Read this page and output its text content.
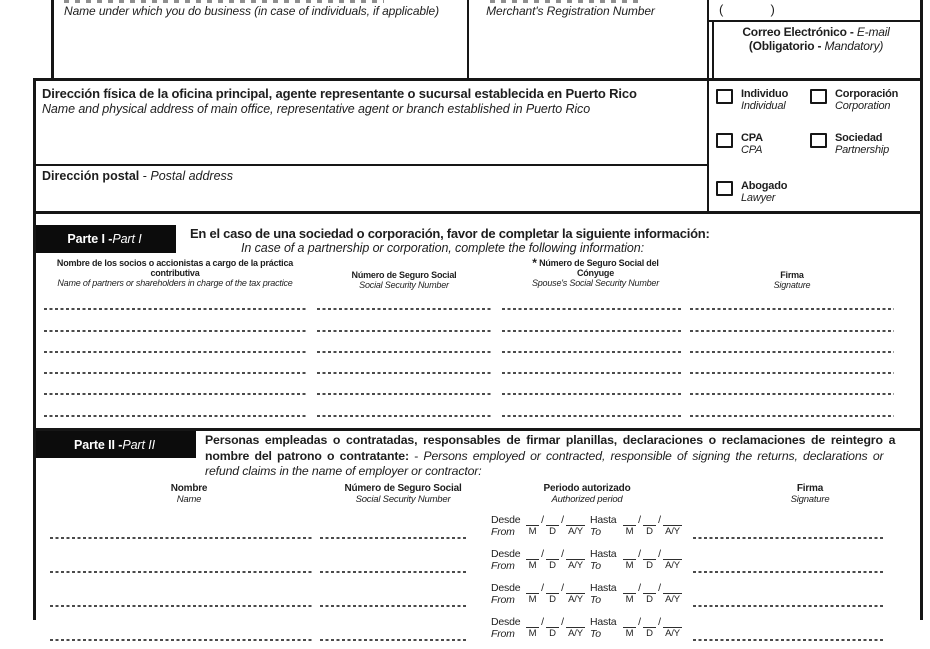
Name under which you do business (in case of individuals, if applicable)	Merchant's Registration Number	(          )
Correo Electrónico - E-mail
(Obligatorio - Mandatory)
Dirección física de la oficina principal, agente representante o sucursal establecida en Puerto Rico
Name and physical address of main office, representative agent or branch established in Puerto Rico
Dirección postal - Postal address
Individuo
Individual
Corporación
Corporation
CPA
CPA
Sociedad
Partnership
Abogado
Lawyer
Parte I - Part I	En el caso de una sociedad o corporación, favor de completar la siguiente información:
In case of a partnership or corporation, complete the following information:
Nombre de los socios o accionistas a cargo de la práctica
contributiva
Name of partners or shareholders in charge of the tax practice
Número de Seguro Social
Social Security Number
* Número de Seguro Social del
Cónyuge
Spouse's Social Security Number
Firma
Signature
Parte II - Part II	Personas empleadas o contratadas, responsables de firmar planillas, declaraciones o reclamaciones de reintegro a
nombre del patrono o contratante: - Persons employed or contracted, responsible of signing the returns, declarations or
refund claims in the name of employer or contractor:
Nombre
Name
Número de Seguro Social
Social Security Number
Periodo autorizado
Authorized period
Firma
Signature
Desde	/ /	Hasta	/ /
From	M	D	A/Y To	M	D	A/Y
Desde	/ /	Hasta	/ /
From	M	D	A/Y To	M	D	A/Y
Desde	/ /	Hasta	/ /
From	M	D	A/Y To	M	D	A/Y
Desde	/ /	Hasta	/ /
From	M	D	A/Y To	M	D	A/Y
